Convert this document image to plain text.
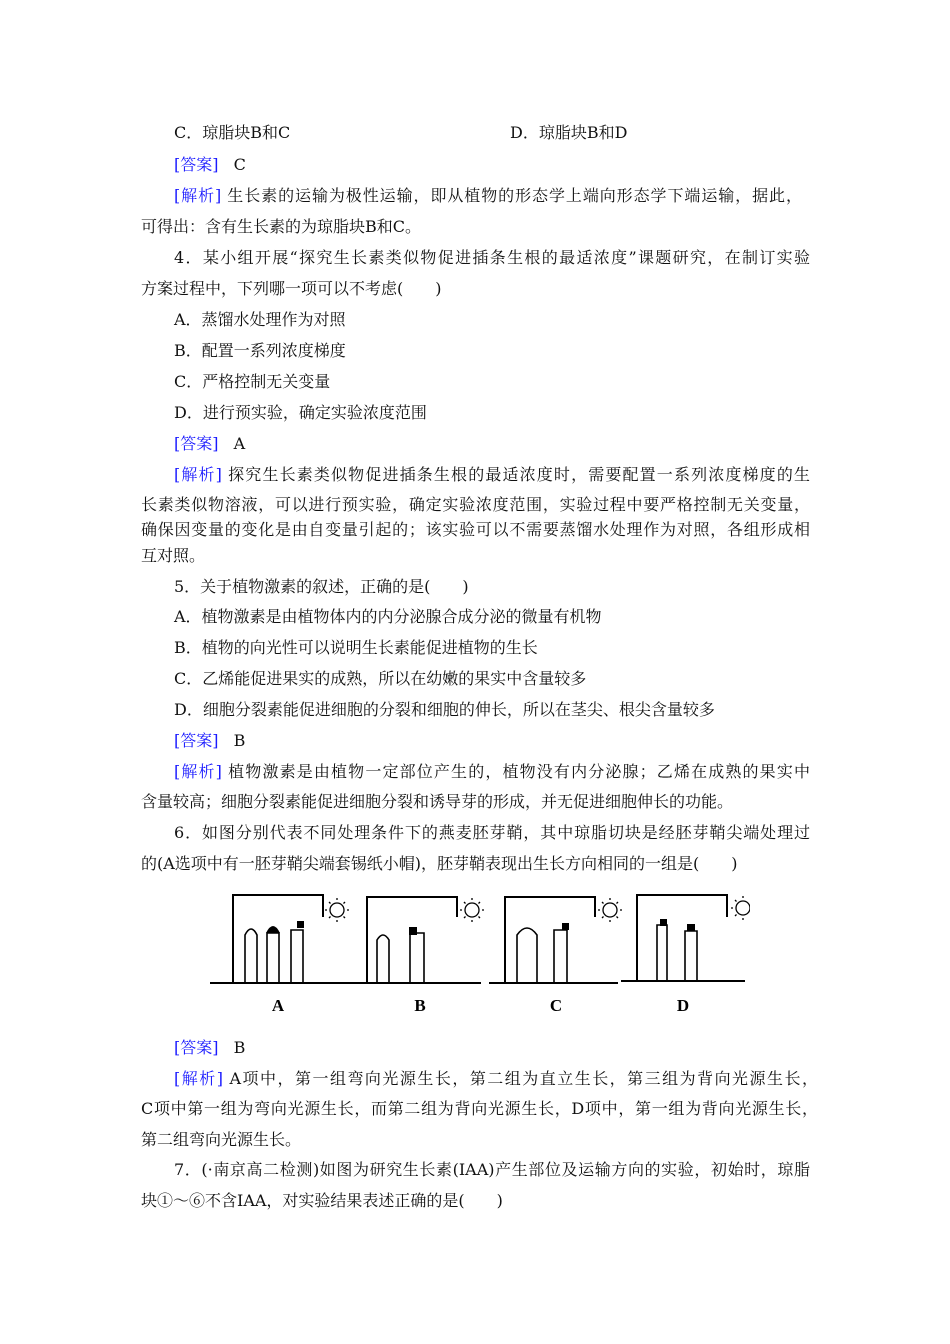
C．琼脂块B和C	D．琼脂块B和D
[答案] C
[解析] 生长素的运输为极性运输，即从植物的形态学上端向形态学下端运输，据此，
可得出：含有生长素的为琼脂块B和C。
4．某小组开展“探究生长素类似物促进插条生根的最适浓度”课题研究，在制订实验
方案过程中，下列哪一项可以不考虑(　　)
A．蒸馏水处理作为对照
B．配置一系列浓度梯度
C．严格控制无关变量
D．进行预实验，确定实验浓度范围
[答案] A
[解析] 探究生长素类似物促进插条生根的最适浓度时，需要配置一系列浓度梯度的生
长素类似物溶液，可以进行预实验，确定实验浓度范围，实验过程中要严格控制无关变量，
确保因变量的变化是由自变量引起的；该实验可以不需要蒸馏水处理作为对照，各组形成相
互对照。
5．关于植物激素的叙述，正确的是(　　)
A．植物激素是由植物体内的内分泌腺合成分泌的微量有机物
B．植物的向光性可以说明生长素能促进植物的生长
C．乙烯能促进果实的成熟，所以在幼嫩的果实中含量较多
D．细胞分裂素能促进细胞的分裂和细胞的伸长，所以在茎尖、根尖含量较多
[答案] B
[解析] 植物激素是由植物一定部位产生的，植物没有内分泌腺；乙烯在成熟的果实中
含量较高；细胞分裂素能促进细胞分裂和诱导芽的形成，并无促进细胞伸长的功能。
6．如图分别代表不同处理条件下的燕麦胚芽鞘，其中琼脂切块是经胚芽鞘尖端处理过
的(A选项中有一胚芽鞘尖端套锡纸小帽)，胚芽鞘表现出生长方向相同的一组是(　　)
A	B	C	D
[答案] B
[解析] A项中，第一组弯向光源生长，第二组为直立生长，第三组为背向光源生长，
C项中第一组为弯向光源生长，而第二组为背向光源生长，D项中，第一组为背向光源生长，
第二组弯向光源生长。
7．(·南京高二检测)如图为研究生长素(IAA)产生部位及运输方向的实验，初始时，琼脂
块①～⑥不含IAA，对实验结果表述正确的是(　　)
